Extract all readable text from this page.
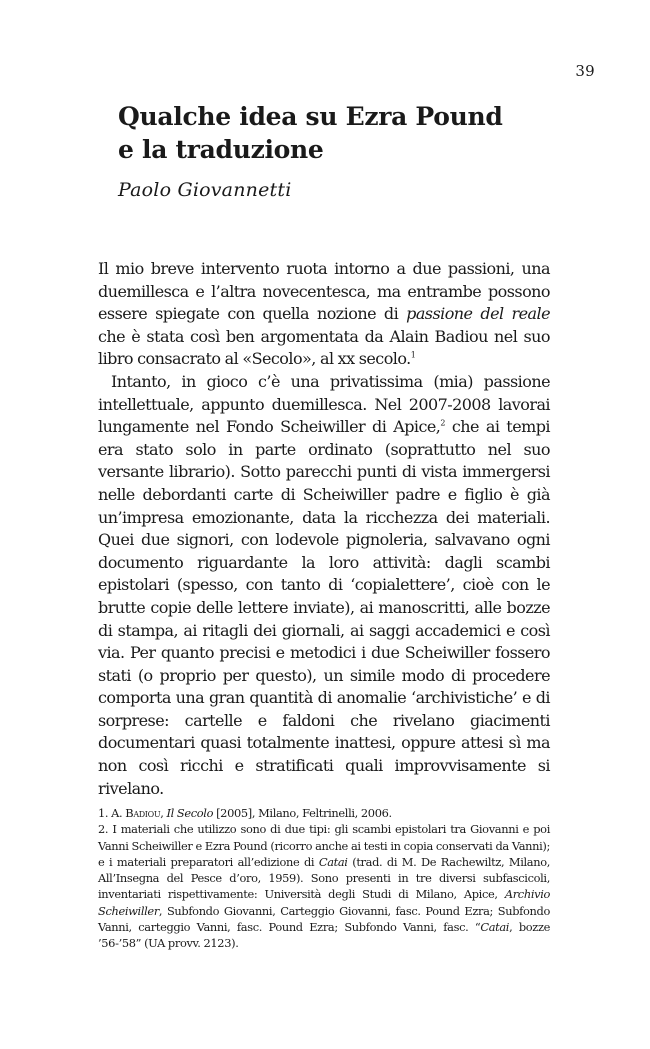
39
Qualche idea su Ezra Pound
e la traduzione
Paolo Giovannetti

Il mio breve intervento ruota intorno a due passioni, una duemillesca e l’altra novecentesca, ma entrambe possono essere spiegate con quella nozione di passione del reale che è stata così ben argomentata da Alain Badiou nel suo libro consacrato al «Secolo», al xx secolo.$^1$

Intanto, in gioco c’è una privatissima (mia) passione intellettuale, appunto duemillesca. Nel 2007-2008 lavorai lungamente nel Fondo Scheiwiller di Apice,$^2$ che ai tempi era stato solo in parte ordinato (soprattutto nel suo versante librario). Sotto parecchi punti di vista immergersi nelle debordanti carte di Scheiwiller padre e figlio è già un’impresa emozionante, data la ricchezza dei materiali. Quei due signori, con lodevole pignoleria, salvavano ogni documento riguardante la loro attività: dagli scambi epistolari (spesso, con tanto di ‘copialettere’, cioè con le brutte copie delle lettere inviate), ai manoscritti, alle bozze di stampa, ai ritagli dei giornali, ai saggi accademici e così via. Per quanto precisi e metodici i due Scheiwiller fossero stati (o proprio per questo), un simile modo di procedere comporta una gran quantità di anomalie ‘archivistiche’ e di sorprese: cartelle e faldoni che rivelano giacimenti documentari quasi totalmente inattesi, oppure attesi sì ma non così ricchi e stratificati quali improvvisamente si rivelano.

1. A. Badiou, Il Secolo [2005], Milano, Feltrinelli, 2006.

2. I materiali che utilizzo sono di due tipi: gli scambi epistolari tra Giovanni e poi Vanni Scheiwiller e Ezra Pound (ricorro anche ai testi in copia conservati da Vanni); e i materiali preparatori all’edizione di Catai (trad. di M. De Rachewiltz, Milano, All’Insegna del Pesce d’oro, 1959). Sono presenti in tre diversi subfascicoli, inventariati rispettivamente: Università degli Studi di Milano, Apice, Archivio Scheiwiller, Subfondo Giovanni, Carteggio Giovanni, fasc. Pound Ezra; Subfondo Vanni, carteggio Vanni, fasc. Pound Ezra; Subfondo Vanni, fasc. “Catai, bozze ’56-’58” (UA provv. 2123).
